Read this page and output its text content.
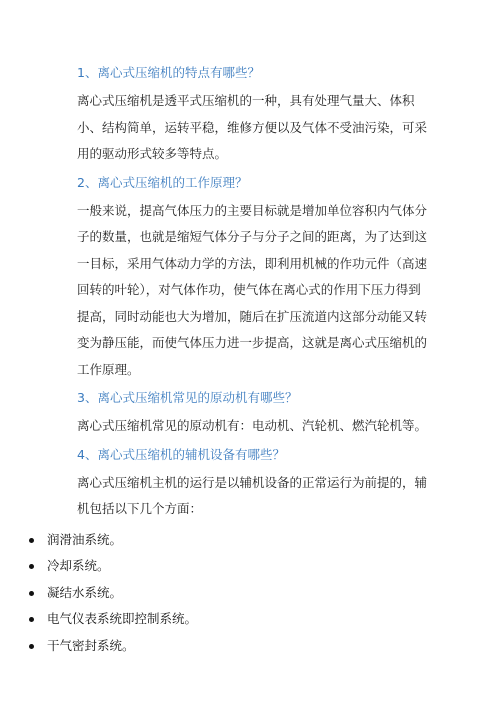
1、离心式压缩机的特点有哪些？

离心式压缩机是透平式压缩机的一种，具有处理气量大、体积小、结构简单，运转平稳，维修方便以及气体不受油污染，可采用的驱动形式较多等特点。

2、离心式压缩机的工作原理？

一般来说，提高气体压力的主要目标就是增加单位容积内气体分子的数量，也就是缩短气体分子与分子之间的距离，为了达到这一目标，采用气体动力学的方法，即利用机械的作功元件（高速回转的叶轮），对气体作功，使气体在离心式的作用下压力得到提高，同时动能也大为增加，随后在扩压流道内这部分动能又转变为静压能，而使气体压力进一步提高，这就是离心式压缩机的工作原理。

3、离心式压缩机常见的原动机有哪些？

离心式压缩机常见的原动机有：电动机、汽轮机、燃汽轮机等。

4、离心式压缩机的辅机设备有哪些？

离心式压缩机主机的运行是以辅机设备的正常运行为前提的，辅机包括以下几个方面：

润滑油系统。
冷却系统。
凝结水系统。
电气仪表系统即控制系统。
干气密封系统。
